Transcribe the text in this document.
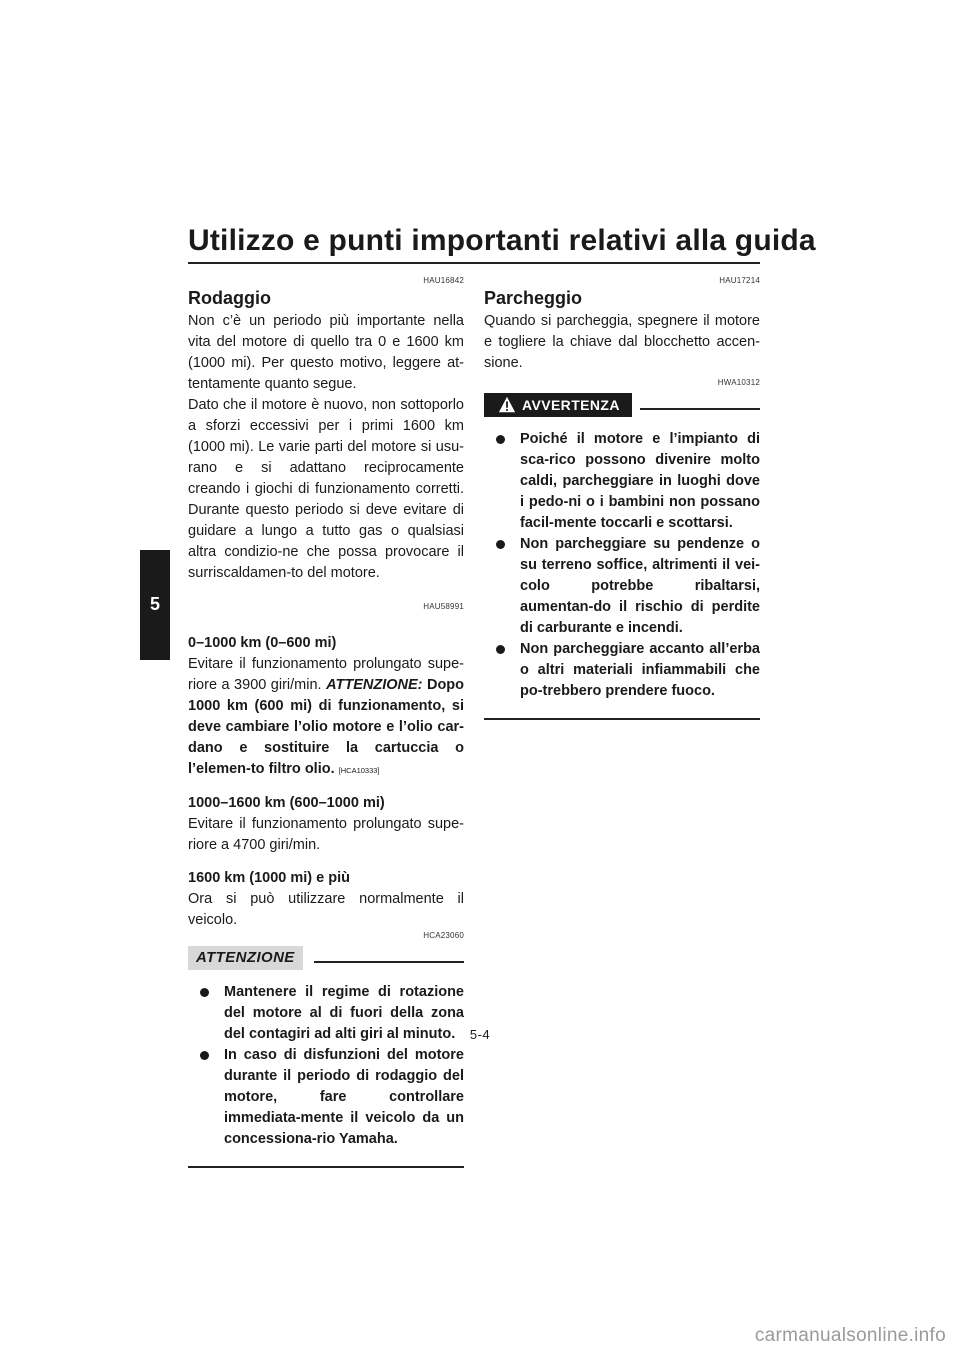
Utilizzo e punti importanti relativi alla guida
5
HAU16842
Rodaggio

Non c’è un periodo più importante nella vita del motore di quello tra 0 e 1600 km (1000 mi). Per questo motivo, leggere at-tentamente quanto segue.

Dato che il motore è nuovo, non sottoporlo a sforzi eccessivi per i primi 1600 km (1000 mi). Le varie parti del motore si usu-rano e si adattano reciprocamente creando i giochi di funzionamento corretti. Durante questo periodo si deve evitare di guidare a lungo a tutto gas o qualsiasi altra condizio-ne che possa provocare il surriscaldamen-to del motore.

HAU58991

0–1000 km (0–600 mi)

Evitare il funzionamento prolungato supe-riore a 3900 giri/min. ATTENZIONE: Dopo 1000 km (600 mi) di funzionamento, si deve cambiare l’olio motore e l’olio car-dano e sostituire la cartuccia o l’elemen-to filtro olio. [HCA10333]

1000–1600 km (600–1000 mi)

Evitare il funzionamento prolungato supe-riore a 4700 giri/min.

1600 km (1000 mi) e più

Ora si può utilizzare normalmente il veicolo.

HCA23060
ATTENZIONE
Mantenere il regime di rotazione del motore al di fuori della zona del contagiri ad alti giri al minuto.
In caso di disfunzioni del motore durante il periodo di rodaggio del motore, fare controllare immediata-mente il veicolo da un concessiona-rio Yamaha.
HAU17214
Parcheggio

Quando si parcheggia, spegnere il motore e togliere la chiave dal blocchetto accen-sione.

HWA10312
AVVERTENZA
Poiché il motore e l’impianto di sca-rico possono divenire molto caldi, parcheggiare in luoghi dove i pedo-ni o i bambini non possano facil-mente toccarli e scottarsi.
Non parcheggiare su pendenze o su terreno soffice, altrimenti il vei-colo potrebbe ribaltarsi, aumentan-do il rischio di perdite di carburante e incendi.
Non parcheggiare accanto all’erba o altri materiali infiammabili che po-trebbero prendere fuoco.
5-4
carmanualsonline.info
